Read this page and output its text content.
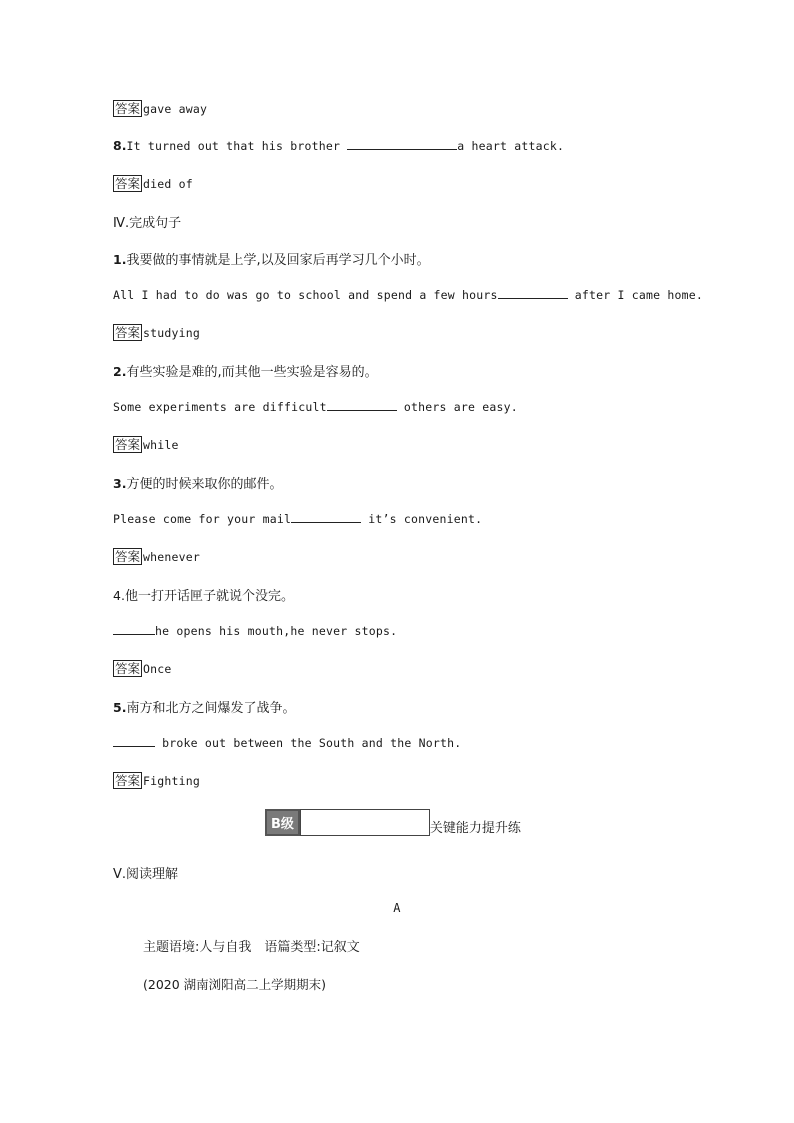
答案 gave away
8.It turned out that his brother	a heart attack.
答案 died of
Ⅳ.完成句子
1.我要做的事情就是上学,以及回家后再学习几个小时。
All I had to do was go to school and spend a few hours	after I came home.
答案 studying
2.有些实验是难的,而其他一些实验是容易的。
Some experiments are difficult	others are easy.
答案 while
3.方便的时候来取你的邮件。
Please come for your mail	it’s convenient.
答案 whenever
4.他一打开话匣子就说个没完。
he opens his mouth,he never stops.
答案 Once
5.南方和北方之间爆发了战争。
broke out between the South and the North.
答案 Fighting
B级	关键能力提升练
Ⅴ.阅读理解
A
主题语境:人与自我　语篇类型:记叙文
(2020 湖南浏阳高二上学期期末)
